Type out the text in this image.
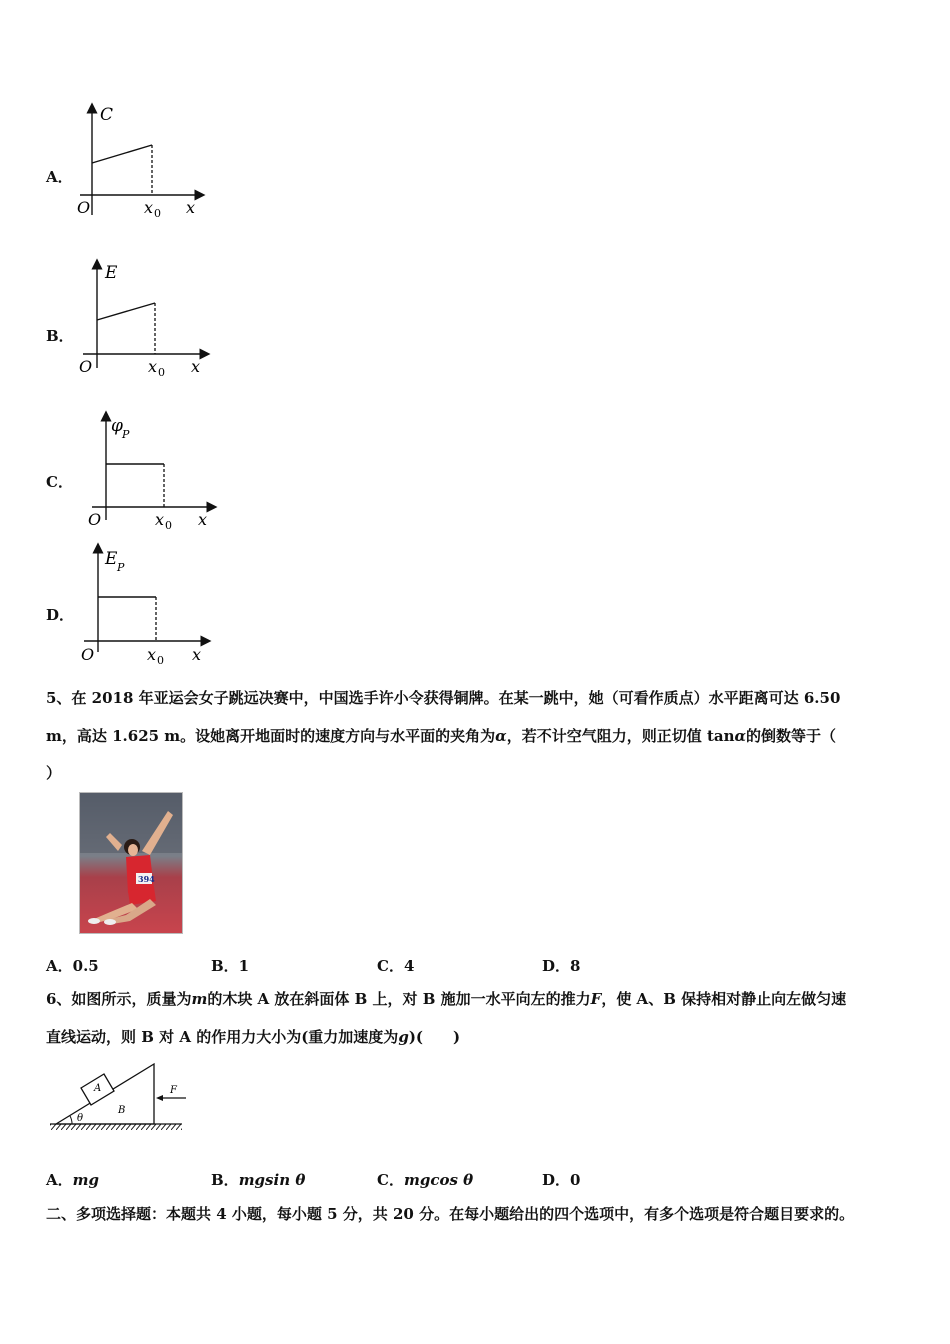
A．
C
O	x 0 x
B．
E
O	x 0 x
C．
φ P
O	x 0 x
D．
E P
O	x 0 x
5、在 2018 年亚运会女子跳远决赛中，中国选手许小令获得铜牌。在某一跳中，她（可看作质点）水平距离可达 6.50
m，高达 1.625 m。设她离开地面时的速度方向与水平面的夹角为α，若不计空气阻力，则正切值 tanα的倒数等于（
）
394
A．0.5	B．1	C．4	D．8
6、如图所示，质量为m的木块 A 放在斜面体 B 上，对 B 施加一水平向左的推力F，使 A、B 保持相对静止向左做匀速
直线运动，则 B 对 A 的作用力大小为(重力加速度为g)(　　)
A
B
θ
F
A．mg	B．mgsin θ	C．mgcos θ	D．0
二、多项选择题：本题共 4 小题，每小题 5 分，共 20 分。在每小题给出的四个选项中，有多个选项是符合题目要求的。
